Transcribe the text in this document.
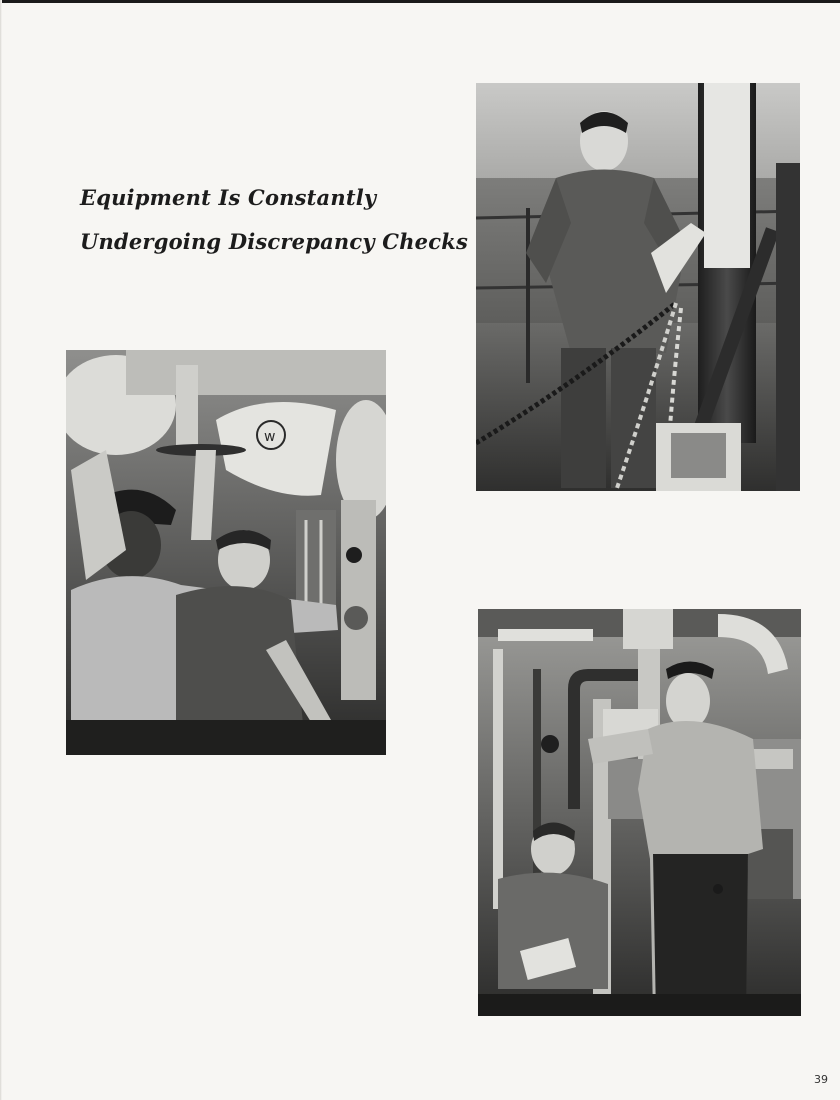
Equipment Is Constantly
Undergoing Discrepancy Checks
w
39
